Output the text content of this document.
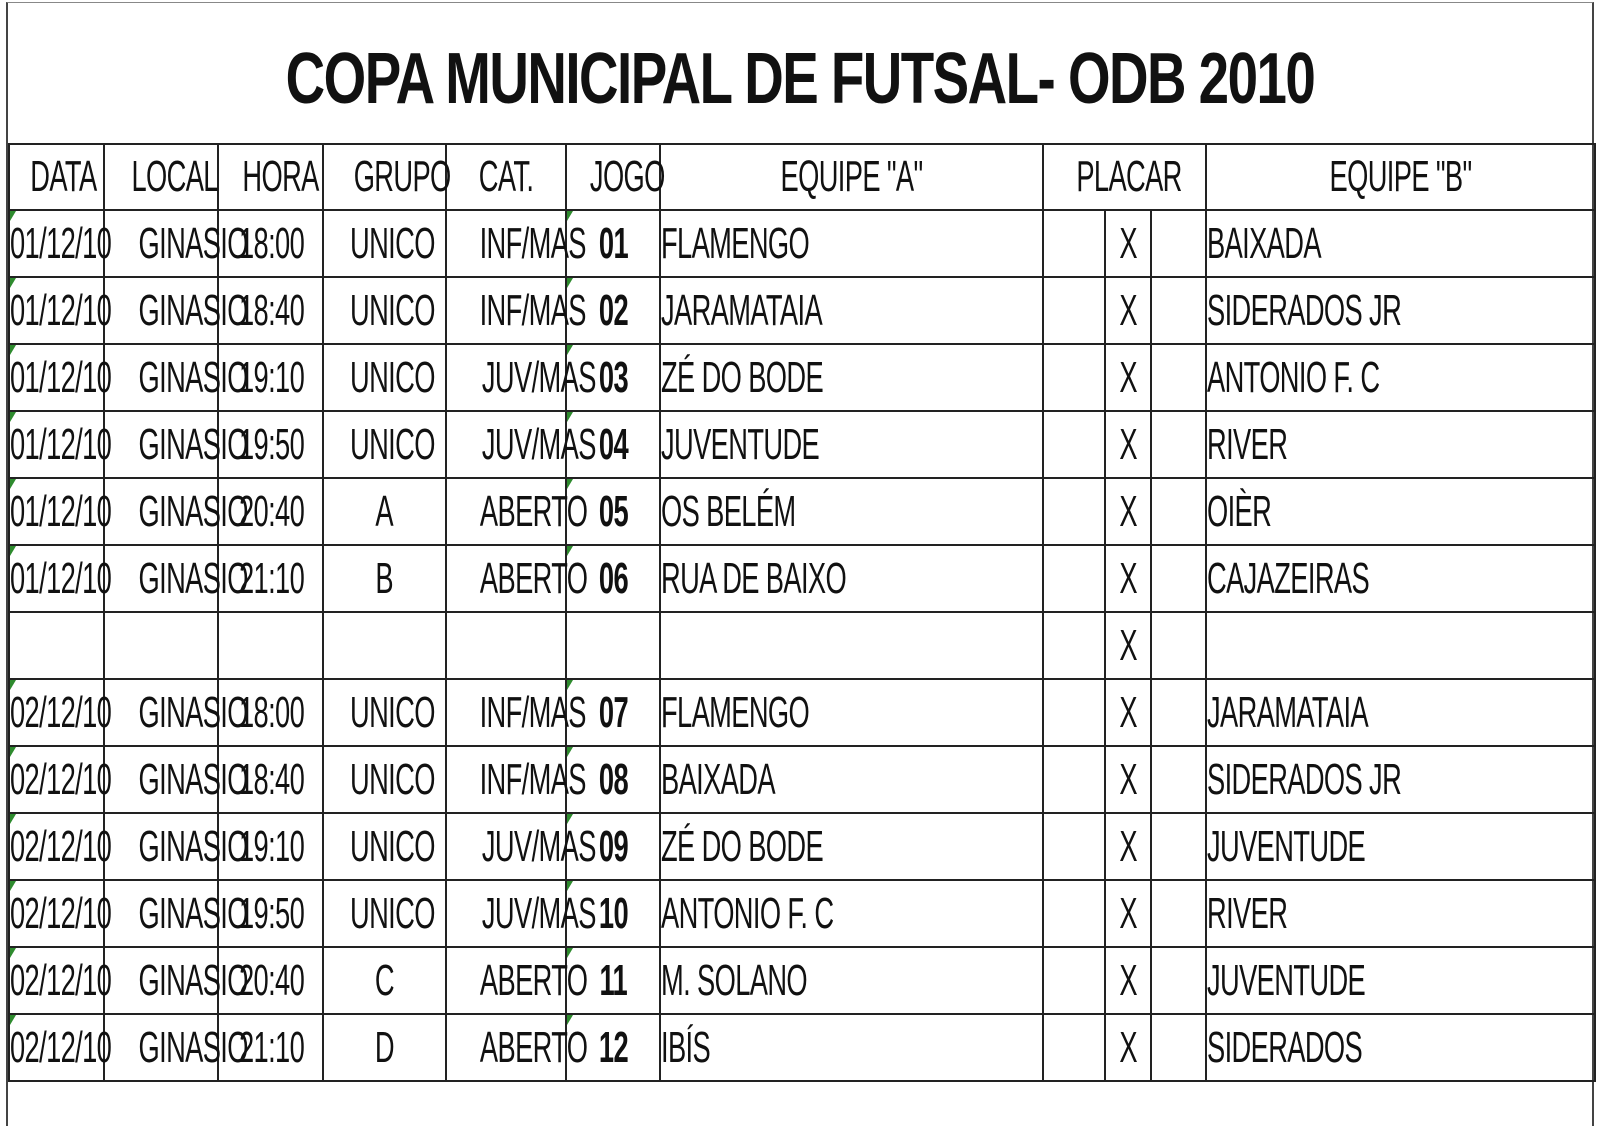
COPA MUNICIPAL DE FUTSAL- ODB 2010
DATA	LOCAL	HORA	GRUPO	CAT.	JOGO	EQUIPE "A"	PLACAR	EQUIPE "B"
01/12/10	GINASIO	18:00	UNICO	INF/MAS	01	FLAMENGO	X	BAIXADA
01/12/10	GINASIO	18:40	UNICO	INF/MAS	02	JARAMATAIA	X	SIDERADOS JR
01/12/10	GINASIO	19:10	UNICO	JUV/MAS	03	ZÉ DO BODE	X	ANTONIO F. C
01/12/10	GINASIO	19:50	UNICO	JUV/MAS	04	JUVENTUDE	X	RIVER
01/12/10	GINASIO	20:40	A	ABERTO	05	OS BELÉM	X	OIÈR
01/12/10	GINASIO	21:10	B	ABERTO	06	RUA DE BAIXO	X	CAJAZEIRAS

							X	

02/12/10	GINASIO	18:00	UNICO	INF/MAS	07	FLAMENGO	X	JARAMATAIA
02/12/10	GINASIO	18:40	UNICO	INF/MAS	08	BAIXADA	X	SIDERADOS JR
02/12/10	GINASIO	19:10	UNICO	JUV/MAS	09	ZÉ DO BODE	X	JUVENTUDE
02/12/10	GINASIO	19:50	UNICO	JUV/MAS	10	ANTONIO F. C	X	RIVER
02/12/10	GINASIO	20:40	C	ABERTO	11	M. SOLANO	X	JUVENTUDE
02/12/10	GINASIO	21:10	D	ABERTO	12	IBÍS	X	SIDERADOS
